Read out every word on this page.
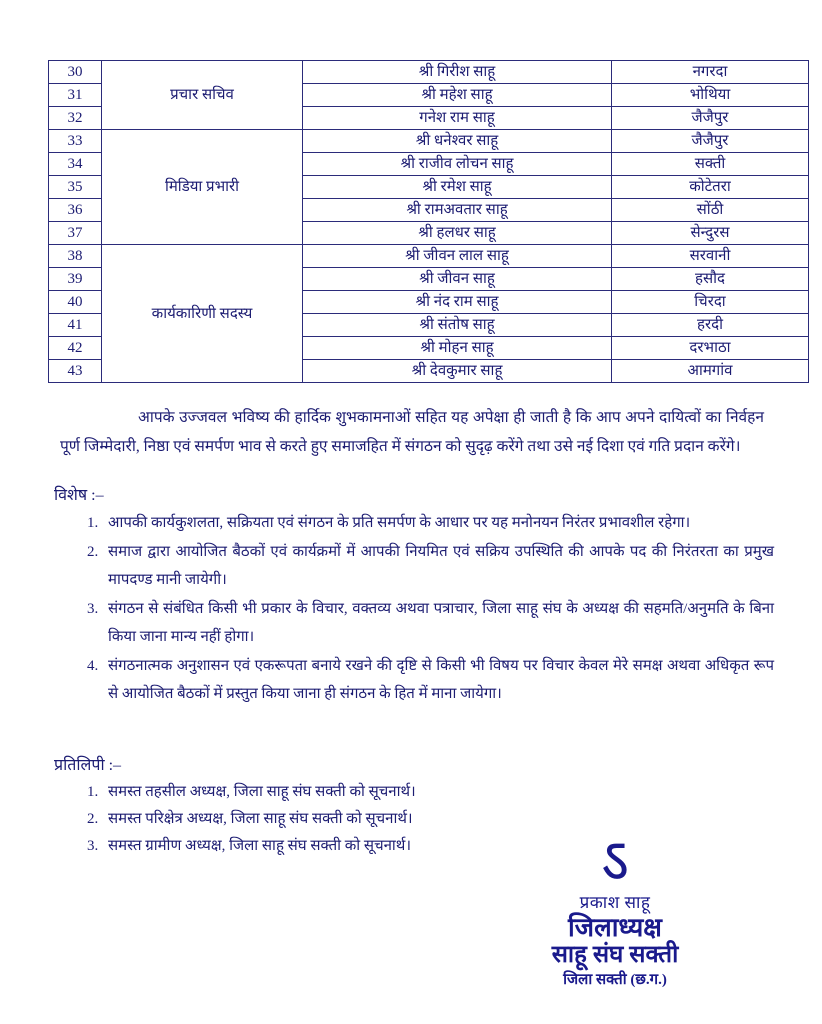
30	प्रचार सचिव	श्री गिरीश साहू	नगरदा
31		श्री महेश साहू	भोथिया
32		गनेश राम साहू	जैजैपुर
33	मिडिया प्रभारी	श्री धनेश्वर साहू	जैजैपुर
34		श्री राजीव लोचन साहू	सक्ती
35		श्री रमेश साहू	कोटेतरा
36		श्री रामअवतार साहू	सोंठी
37		श्री हलधर साहू	सेन्दुरस
38	कार्यकारिणी सदस्य	श्री जीवन लाल साहू	सरवानी
39		श्री जीवन साहू	हसौद
40		श्री नंद राम साहू	चिरदा
41		श्री संतोष साहू	हरदी
42		श्री मोहन साहू	दरभाठा
43		श्री देवकुमार साहू	आमगांव

आपके उज्जवल भविष्य की हार्दिक शुभकामनाओं सहित यह अपेक्षा ही जाती है कि आप अपने दायित्वों का निर्वहन पूर्ण जिम्मेदारी, निष्ठा एवं समर्पण भाव से करते हुए समाजहित में संगठन को सुदृढ़ करेंगे तथा उसे नई दिशा एवं गति प्रदान करेंगे।

विशेष :–
1. आपकी कार्यकुशलता, सक्रियता एवं संगठन के प्रति समर्पण के आधार पर यह मनोनयन निरंतर प्रभावशील रहेगा।
2. समाज द्वारा आयोजित बैठकों एवं कार्य‌क्रमों में आपकी नियमित एवं सक्रिय उपस्थिति की आपके पद की निरंतरता का प्रमुख मापदण्ड मानी जायेगी।
3. संगठन से संबंधित किसी भी प्रकार के विचार, वक्तव्य अथवा पत्राचार, जिला साहू संघ के अध्यक्ष की सहमति/अनुमति के बिना किया जाना मान्य नहीं होगा।
4. संगठनात्मक अनुशासन एवं एकरूपता बनाये रखने की दृष्टि से किसी भी विषय पर विचार केवल मेरे समक्ष अथवा अधिकृत रूप से आयोजित बैठकों में प्रस्तुत किया जाना ही संगठन के हित में माना जायेगा।
प्रतिलिपी :–
1. समस्त तहसील अध्यक्ष, जिला साहू संघ सक्ती को सूचनार्थ।
2. समस्त परिक्षेत्र अध्यक्ष, जिला साहू संघ सक्ती को सूचनार्थ।
3. समस्त ग्रामीण अध्यक्ष, जिला साहू संघ सक्ती को सूचनार्थ।	ऽ
प्रकाश साहू
जिलाध्यक्ष
साहू संघ सक्ती
जिला सक्ती (छ.ग.)
